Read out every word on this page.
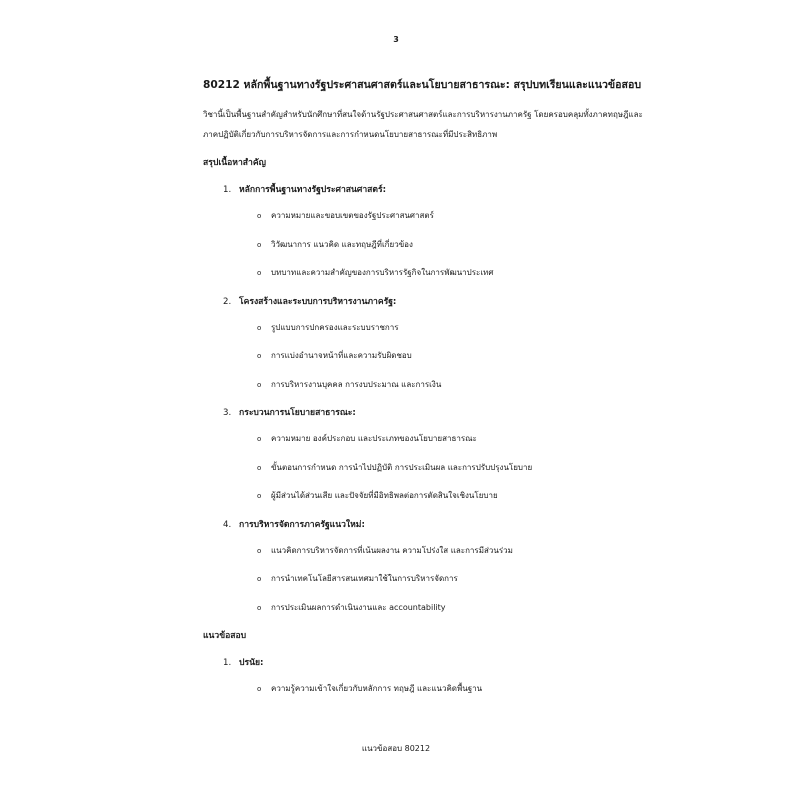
3
80212 หลักพื้นฐานทางรัฐประศาสนศาสตร์และนโยบายสาธารณะ: สรุปบทเรียนและแนวข้อสอบ

วิชานี้เป็นพื้นฐานสำคัญสำหรับนักศึกษาที่สนใจด้านรัฐประศาสนศาสตร์และการบริหารงานภาครัฐ โดยครอบคลุมทั้งภาคทฤษฎีและภาคปฏิบัติเกี่ยวกับการบริหารจัดการและการกำหนดนโยบายสาธารณะที่มีประสิทธิภาพ

สรุปเนื้อหาสำคัญ
1. หลักการพื้นฐานทางรัฐประศาสนศาสตร์:
o ความหมายและขอบเขตของรัฐประศาสนศาสตร์
o วิวัฒนาการ แนวคิด และทฤษฎีที่เกี่ยวข้อง
o บทบาทและความสำคัญของการบริหารรัฐกิจในการพัฒนาประเทศ
2. โครงสร้างและระบบการบริหารงานภาครัฐ:
o รูปแบบการปกครองและระบบราชการ
o การแบ่งอำนาจหน้าที่และความรับผิดชอบ
o การบริหารงานบุคคล การงบประมาณ และการเงิน
3. กระบวนการนโยบายสาธารณะ:
o ความหมาย องค์ประกอบ และประเภทของนโยบายสาธารณะ
o ขั้นตอนการกำหนด การนำไปปฏิบัติ การประเมินผล และการปรับปรุงนโยบาย
o ผู้มีส่วนได้ส่วนเสีย และปัจจัยที่มีอิทธิพลต่อการตัดสินใจเชิงนโยบาย
4. การบริหารจัดการภาครัฐแนวใหม่:
o แนวคิดการบริหารจัดการที่เน้นผลงาน ความโปร่งใส และการมีส่วนร่วม
o การนำเทคโนโลยีสารสนเทศมาใช้ในการบริหารจัดการ
o การประเมินผลการดำเนินงานและ accountability
แนวข้อสอบ
1. ปรนัย:
o ความรู้ความเข้าใจเกี่ยวกับหลักการ ทฤษฎี และแนวคิดพื้นฐาน
แนวข้อสอบ 80212
